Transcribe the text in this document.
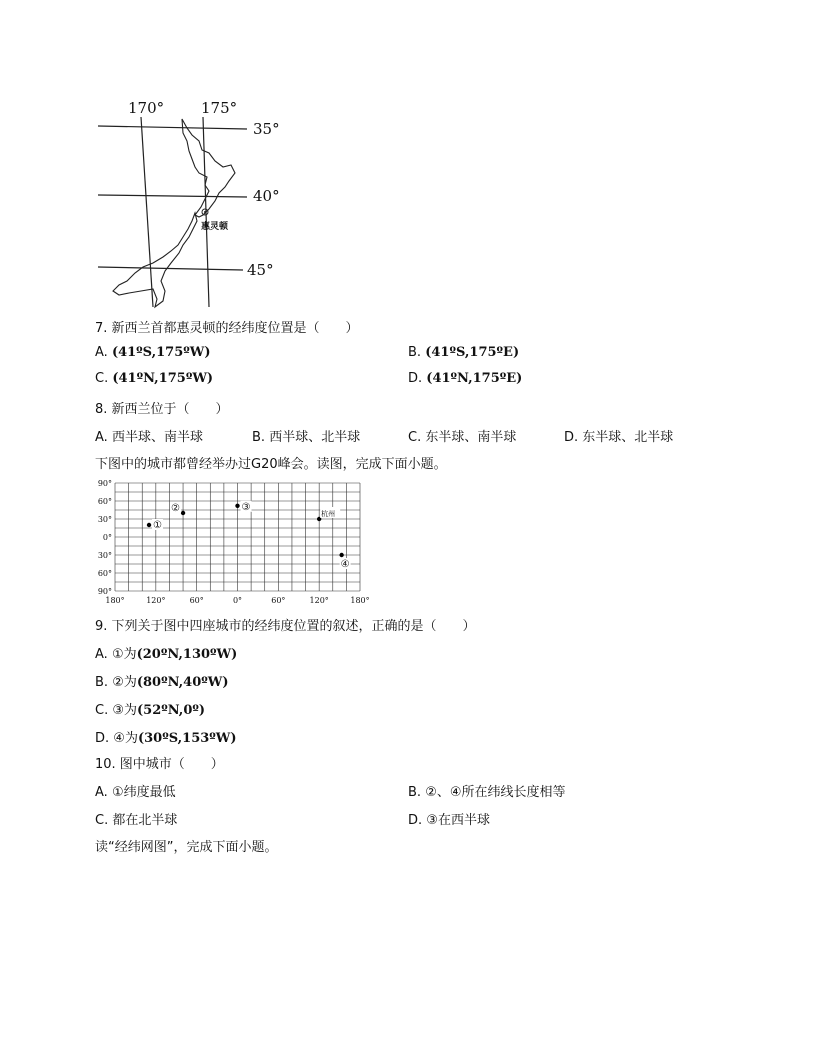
170° 175°
35°
40°
45°
惠灵顿
7. 新西兰首都惠灵顿的经纬度位置是（　　）
A. (41ºS,175ºW)	B. (41ºS,175ºE)
C. (41ºN,175ºW)	D. (41ºN,175ºE)
8. 新西兰位于（　　）
A. 西半球、南半球	B. 西半球、北半球	C. 东半球、南半球	D. 东半球、北半球
下图中的城市都曾经举办过G20峰会。读图，完成下面小题。
90°
60°
30°
0°
30°
60°
90°
180°	120°	60°	0°	60°	120°	180°
①
②	③
杭州
④
9. 下列关于图中四座城市的经纬度位置的叙述，正确的是（　　）
A. ①为(20ºN,130ºW)
B. ②为(80ºN,40ºW)
C. ③为(52ºN,0º)
D. ④为(30ºS,153ºW)
10. 图中城市（　　）
A. ①纬度最低	B. ②、④所在纬线长度相等
C. 都在北半球	D. ③在西半球
读“经纬网图”，完成下面小题。
